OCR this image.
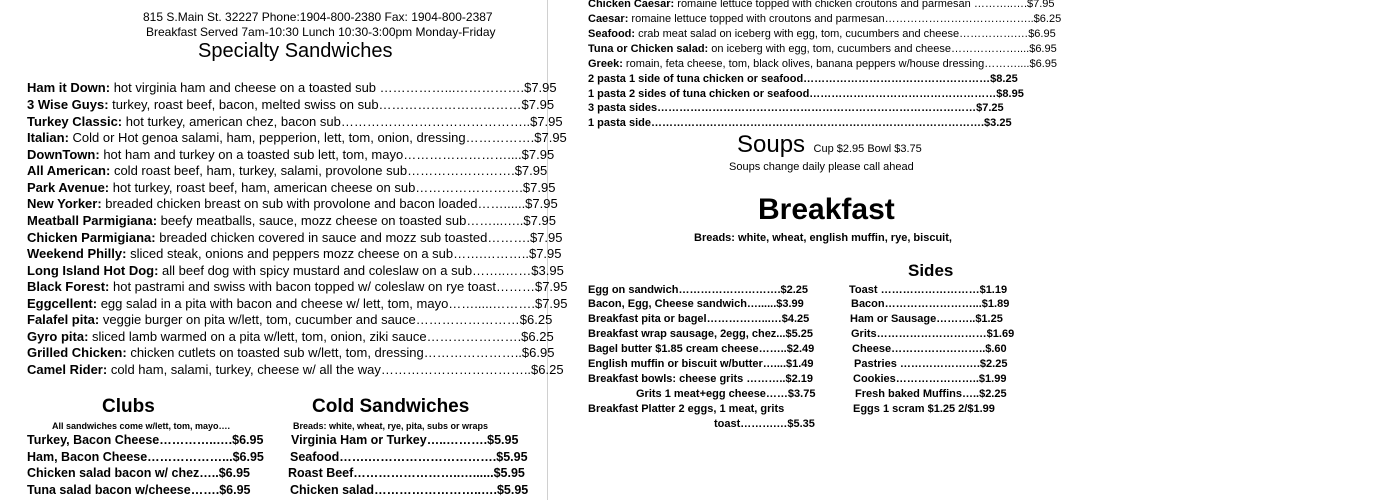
815 S.Main St. 32227 Phone:1904-800-2380 Fax: 1904-800-2387
Breakfast Served 7am-10:30 Lunch 10:30-3:00pm Monday-Friday
Specialty Sandwiches
Ham it Down: hot virginia ham and cheese on a toasted sub ……………...…………….$7.95
3 Wise Guys: turkey, roast beef, bacon, melted swiss on sub……………………………$7.95
Turkey Classic: hot turkey, american chez, bacon sub……………………………………..$7.95
Italian: Cold or Hot genoa salami, ham, pepperion, lett, tom, onion, dressing…………….$7.95
DownTown: hot ham and turkey on a toasted sub lett, tom, mayo……………………....$7.95
All American: cold roast beef, ham, turkey, salami, provolone sub…………………….$7.95
Park Avenue: hot turkey, roast beef, ham, american cheese on sub…………………….$7.95
New Yorker: breaded chicken breast on sub with provolone and bacon loaded……......$7.95
Meatball Parmigiana: beefy meatballs, sauce, mozz cheese on toasted sub……...…..$7.95
Chicken Parmigiana: breaded chicken covered in sauce and mozz sub toasted……….$7.95
Weekend Philly: sliced steak, onions and peppers mozz cheese on a sub…….………..$7.95
Long Island Hot Dog: all beef dog with spicy mustard and coleslaw on a sub……..……$3.95
Black Forest: hot pastrami and swiss with bacon topped w/ coleslaw on rye toast………$7.95
Eggcellent: egg salad in a pita with bacon and cheese w/ lett, tom, mayo…….....……….$7.95
Falafel pita: veggie burger on pita w/lett, tom, cucumber and sauce……………………$6.25
Gyro pita: sliced lamb warmed on a pita w/lett, tom, onion, ziki sauce………………….$6.25
Grilled Chicken: chicken cutlets on toasted sub w/lett, tom, dressing…………………..$6.95
Camel Rider: cold ham, salami, turkey, cheese w/ all the way……………………………..$6.25
Clubs
All sandwiches come w/lett, tom, mayo….
Turkey, Bacon Cheese…………..….$6.95
Ham, Bacon Cheese………………...$6.95
Chicken salad bacon w/ chez…..$6.95
Tuna salad bacon w/cheese…….$6.95
Cold Sandwiches
Breads: white, wheat, rye, pita, subs or wraps
Virginia Ham or Turkey…..……….$5.95
Seafood…….………………………….$5.95
Roast Beef……………………..…......$5.95
Chicken salad……………………..….$5.95
Chicken Caesar: romaine lettuce topped with chicken croutons and parmesan ………..….$7.95
Caesar: romaine lettuce topped with croutons and parmesan…………………………………..$6.25
Seafood: crab meat salad on iceberg with egg, tom, cucumbers and cheese…………….…$6.95
Tuna or Chicken salad: on iceberg with egg, tom, cucumbers and cheese………………....$6.95
Greek: romain, feta cheese, tom, black olives, banana peppers w/house dressing………....$6.95
2 pasta 1 side of tuna chicken or seafood……………………………………………$8.25
1 pasta 2 sides of tuna chicken or seafood……………………………………………$8.95
3 pasta sides……………………………………………………………………………$7.25
1 pasta side……………………………………………………………………………….$3.25
Soups Cup $2.95 Bowl $3.75
Soups change daily please call ahead
Breakfast
Breads: white, wheat, english muffin, rye, biscuit,
Egg on sandwich……………………….$2.25
Bacon, Egg, Cheese sandwich…......$3.99
Breakfast pita or bagel……………...…$4.25
Breakfast wrap sausage, 2egg, chez...$5.25
Bagel butter $1.85 cream cheese……..$2.49
English muffin or biscuit w/butter…....$1.49
Breakfast bowls: cheese grits ………..$2.19
Grits 1 meat+egg cheese……$3.75
Breakfast Platter 2 eggs, 1 meat, grits
toast……….…$5.35
Sides
Toast ………………………$1.19
Bacon……………………...$1.89
Ham or Sausage………..$1.25
Grits…………………………$1.69
Cheese……………………..$.60
Pastries ………………….$2.25
Cookies…………………..$1.99
Fresh baked Muffins…..$2.25
Eggs 1 scram $1.25 2/$1.99
